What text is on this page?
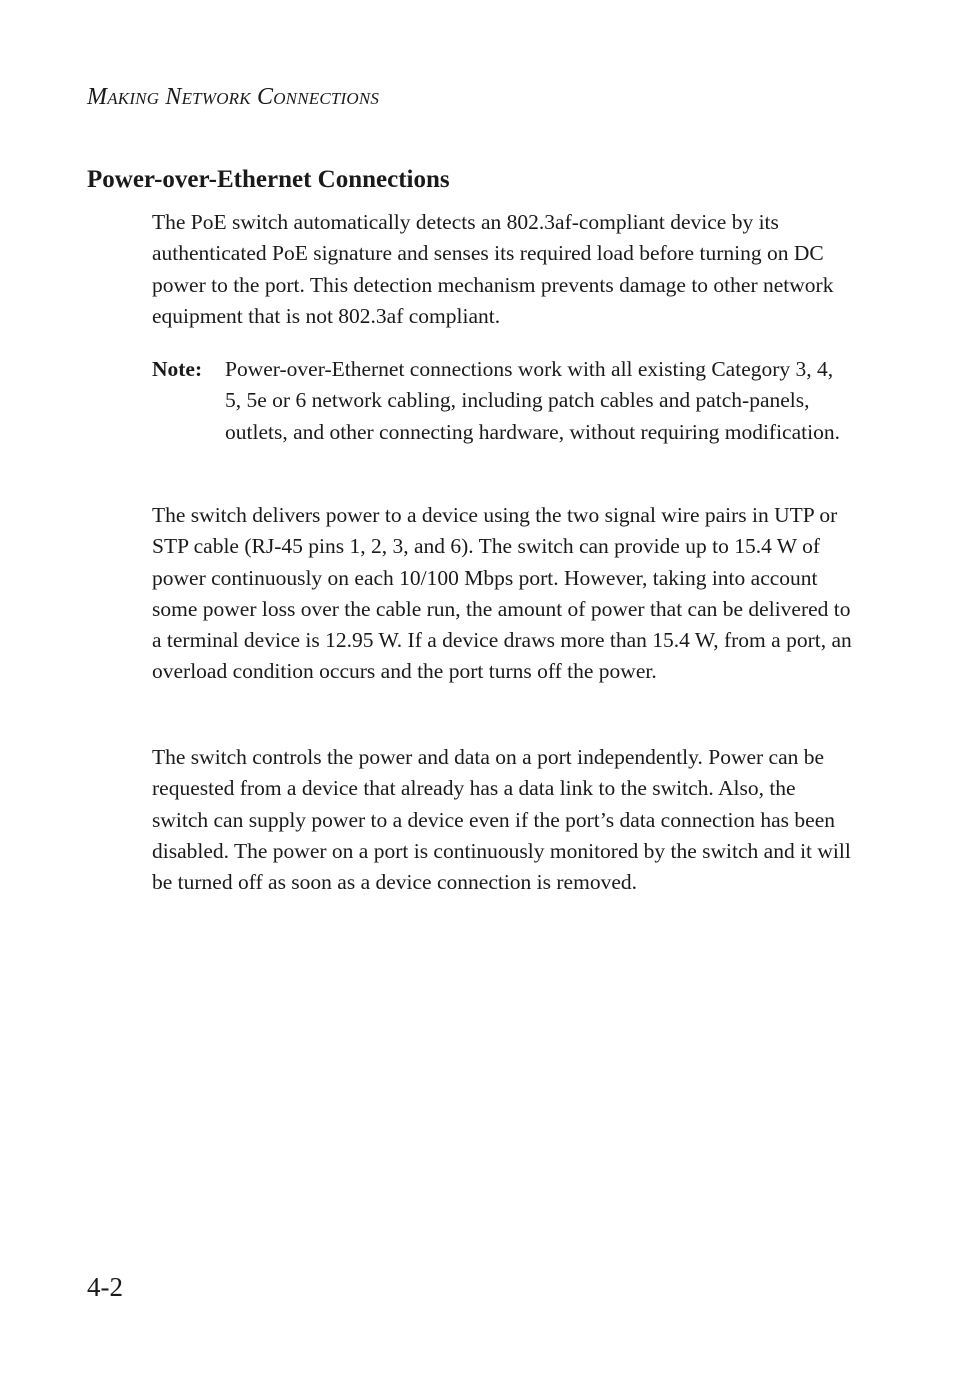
Making Network Connections
Power-over-Ethernet Connections

The PoE switch automatically detects an 802.3af-compliant device by its authenticated PoE signature and senses its required load before turning on DC power to the port. This detection mechanism prevents damage to other network equipment that is not 802.3af compliant.

Note:	Power-over-Ethernet connections work with all existing Category 3, 4, 5, 5e or 6 network cabling, including patch cables and patch-panels, outlets, and other connecting hardware, without requiring modification.

The switch delivers power to a device using the two signal wire pairs in UTP or STP cable (RJ-45 pins 1, 2, 3, and 6). The switch can provide up to 15.4 W of power continuously on each 10/100 Mbps port. However, taking into account some power loss over the cable run, the amount of power that can be delivered to a terminal device is 12.95 W. If a device draws more than 15.4 W, from a port, an overload condition occurs and the port turns off the power.

The switch controls the power and data on a port independently. Power can be requested from a device that already has a data link to the switch. Also, the switch can supply power to a device even if the port’s data connection has been disabled. The power on a port is continuously monitored by the switch and it will be turned off as soon as a device connection is removed.

4-2
